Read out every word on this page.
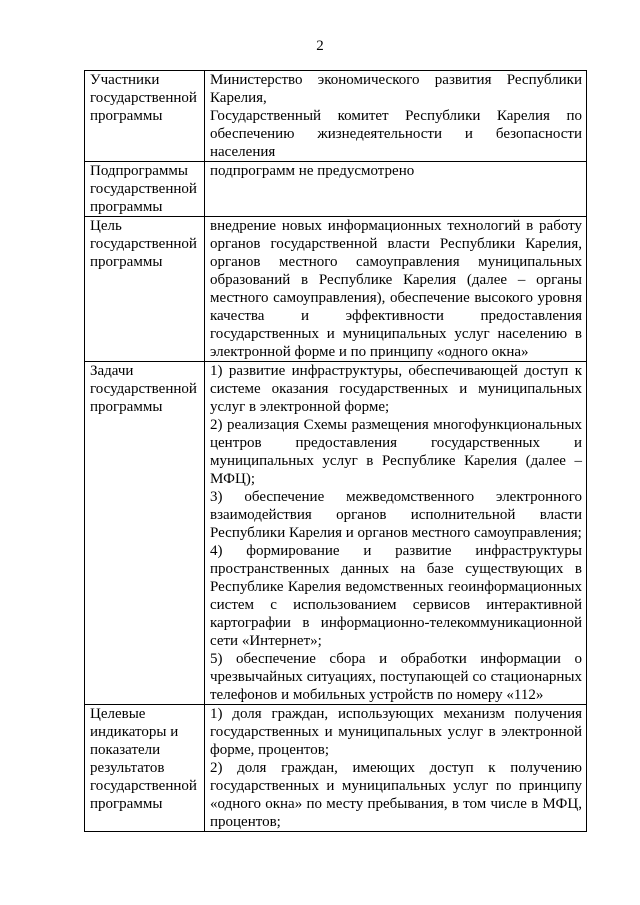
2
Участники государственной программы	Министерство экономического развития Республики Карелия,
Государственный комитет Республики Карелия по обеспечению жизнедеятельности и безопасности населения

Подпрограммы государственной программы	подпрограмм не предусмотрено

Цель государственной программы	внедрение новых информационных технологий в работу органов государственной власти Республики Карелия, органов местного самоуправления муниципальных образований в Республике Карелия (далее – органы местного самоуправления), обеспечение высокого уровня качества и эффективности предоставления государственных и муниципальных услуг населению в электронной форме и по принципу «одного окна»

Задачи государственной программы	1) развитие инфраструктуры, обеспечивающей доступ к системе оказания государственных и муниципальных услуг в электронной форме;
2) реализация Схемы размещения многофункциональных центров предоставления государственных и муниципальных услуг в Республике Карелия (далее – МФЦ);
3) обеспечение межведомственного электронного взаимодействия органов исполнительной власти Республики Карелия и органов местного самоуправления;
4) формирование и развитие инфраструктуры пространственных данных на базе существующих в Республике Карелия ведомственных геоинформационных систем с использованием сервисов интерактивной картографии в информационно-телекоммуникационной сети «Интернет»;
5) обеспечение сбора и обработки информации о чрезвычайных ситуациях, поступающей со стационарных телефонов и мобильных устройств по номеру «112»

Целевые индикаторы и показатели результатов государственной программы	1) доля граждан, использующих механизм получения государственных и муниципальных услуг в электронной форме, процентов;
2) доля граждан, имеющих доступ к получению государственных и муниципальных услуг по принципу «одного окна» по месту пребывания, в том числе в МФЦ, процентов;
